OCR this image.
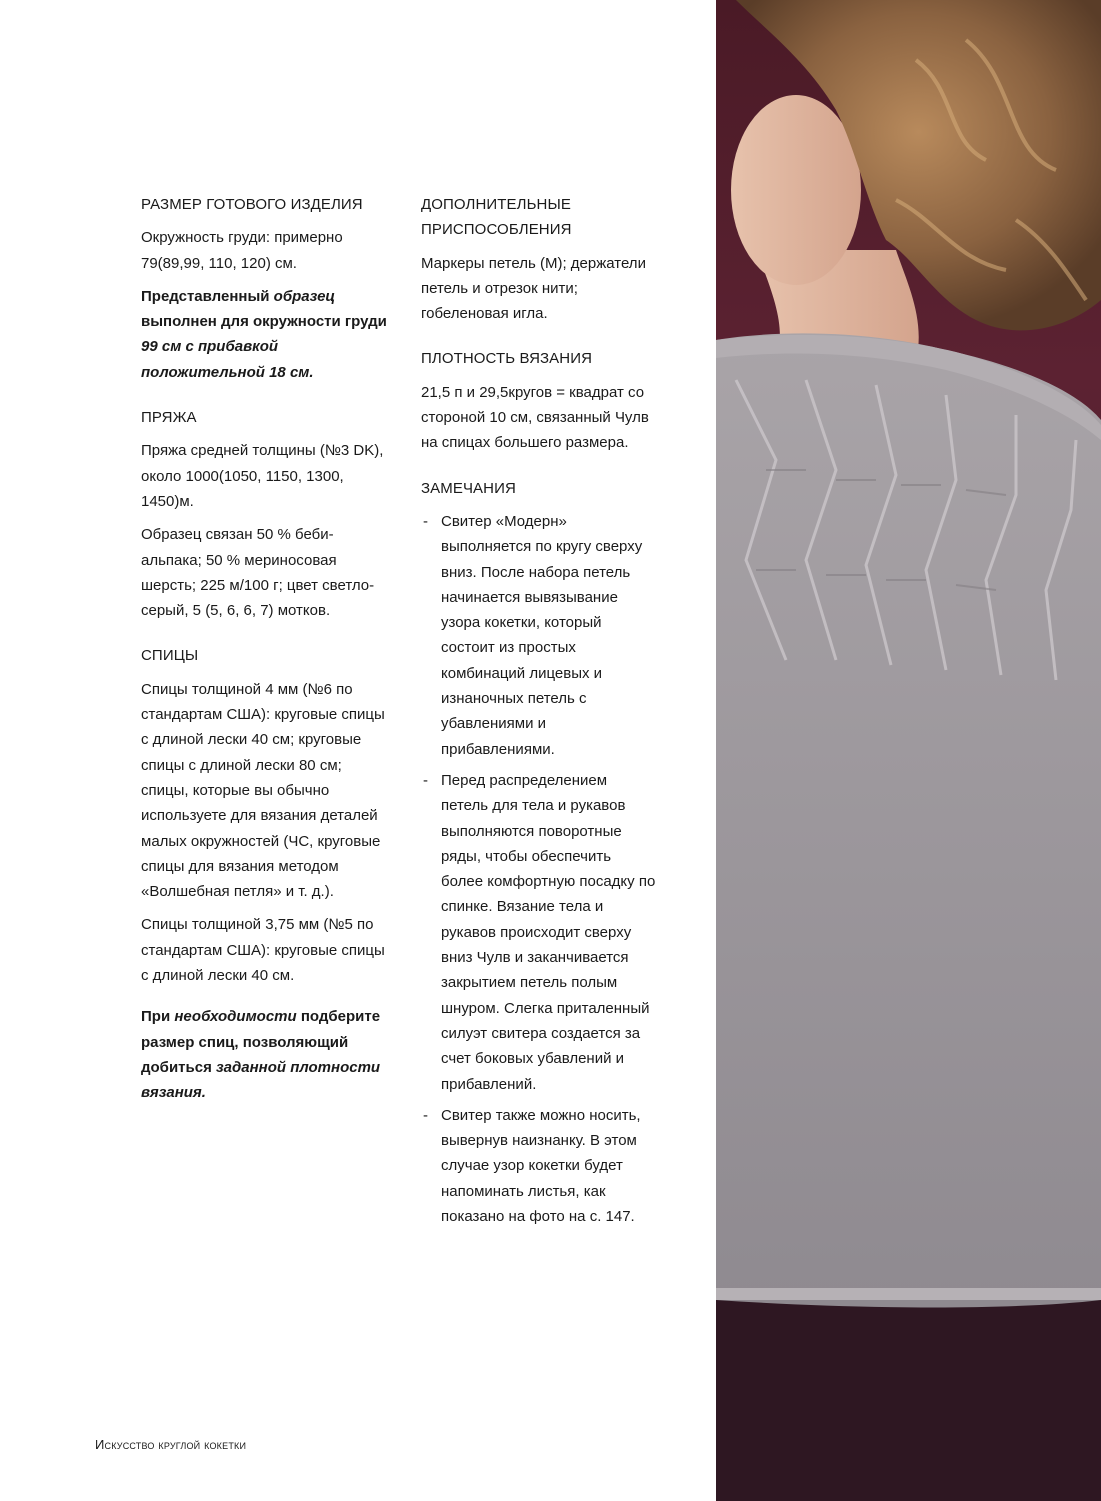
РАЗМЕР ГОТОВОГО ИЗДЕЛИЯ

Окружность груди: примерно 79(89,99, 110, 120) см.

Представленный образец выполнен для окружности груди 99 см с прибавкой положительной 18 см.

ПРЯЖА

Пряжа средней толщины (№3 DK), около 1000(1050, 1150, 1300, 1450)м.

Образец связан 50 % беби-альпака; 50 % мериносовая шерсть; 225 м/100 г; цвет светло-серый, 5 (5, 6, 6, 7) мотков.

СПИЦЫ

Спицы толщиной 4 мм (№6 по стандартам США): круговые спицы с длиной лески 40 см; круговые спицы с длиной лески 80 см; спицы, которые вы обычно используете для вязания деталей малых окружностей (ЧС, круговые спицы для вязания методом «Волшебная петля» и т. д.).

Спицы толщиной 3,75 мм (№5 по стандартам США): круговые спицы с длиной лески 40 см.

При необходимости подберите размер спиц, позволяющий добиться заданной плотности вязания.

ДОПОЛНИТЕЛЬНЫЕ ПРИСПОСОБЛЕНИЯ

Маркеры петель (М); держатели петель и отрезок нити; гобеленовая игла.

ПЛОТНОСТЬ ВЯЗАНИЯ

21,5 п и 29,5кругов = квадрат со стороной 10 см, связанный Чулв на спицах большего размера.

ЗАМЕЧАНИЯ
- Свитер «Модерн» выполняется по кругу сверху вниз. После набора петель начинается вывязывание узора кокетки, который состоит из простых комбинаций лицевых и изнаночных петель с убавлениями и прибавлениями.
- Перед распределением петель для тела и рукавов выполняются поворотные ряды, чтобы обеспечить более комфортную посадку по спинке. Вязание тела и рукавов происходит сверху вниз Чулв и заканчивается закрытием петель полым шнуром. Слегка приталенный силуэт свитера создается за счет боковых убавлений и прибавлений.
- Свитер также можно носить, вывернув наизнанку. В этом случае узор кокетки будет напоминать листья, как показано на фото на с. 147.
Искусство круглой кокетки
